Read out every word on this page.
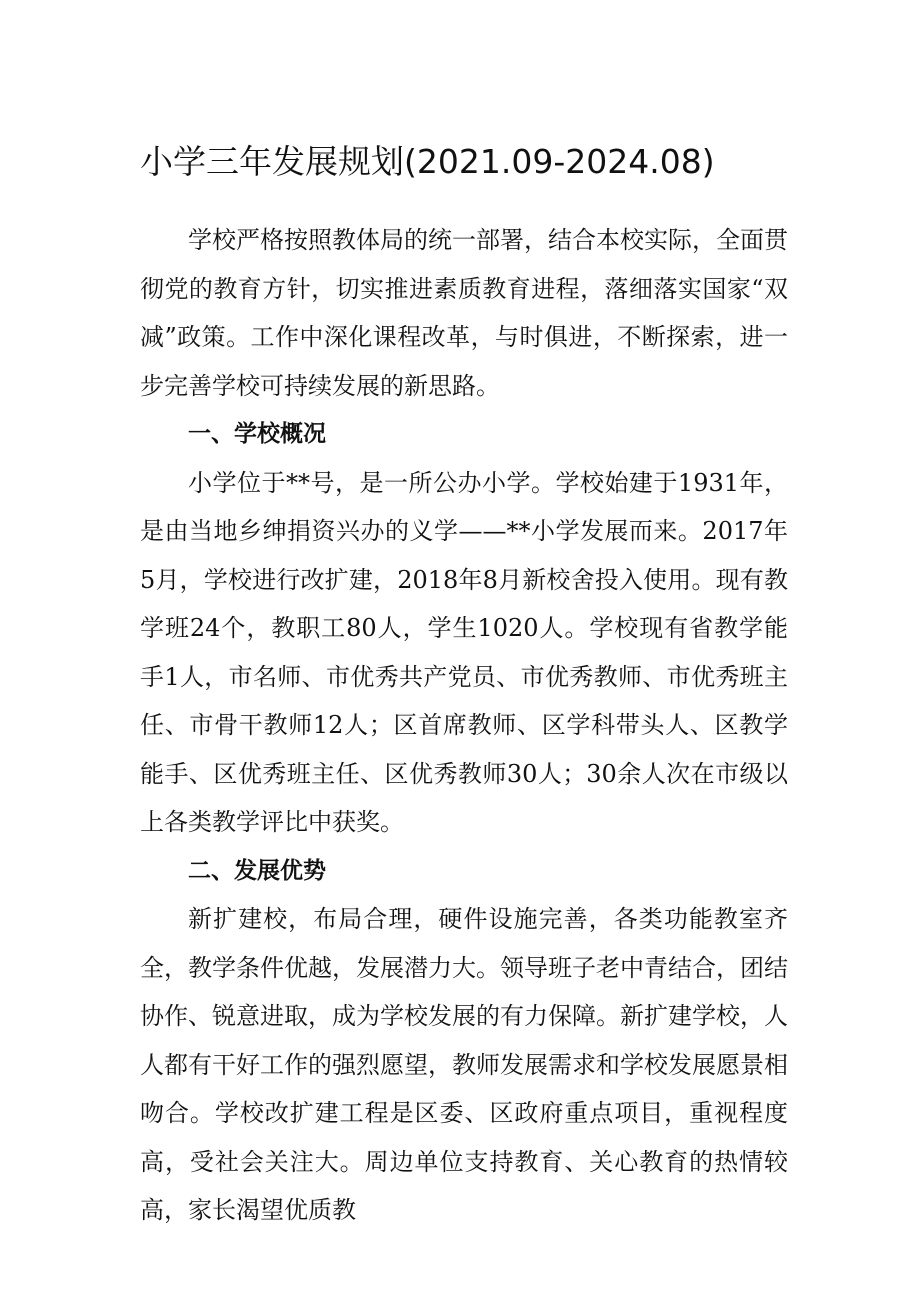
小学三年发展规划(2021.09-2024.08)

学校严格按照教体局的统一部署，结合本校实际，全面贯彻党的教育方针，切实推进素质教育进程，落细落实国家“双减”政策。工作中深化课程改革，与时俱进，不断探索，进一步完善学校可持续发展的新思路。

一、学校概况

小学位于**号，是一所公办小学。学校始建于1931年，是由当地乡绅捐资兴办的义学——**小学发展而来。2017年5月，学校进行改扩建，2018年8月新校舍投入使用。现有教学班24个，教职工80人，学生1020人。学校现有省教学能手1人，市名师、市优秀共产党员、市优秀教师、市优秀班主任、市骨干教师12人；区首席教师、区学科带头人、区教学能手、区优秀班主任、区优秀教师30人；30余人次在市级以上各类教学评比中获奖。

二、发展优势

新扩建校，布局合理，硬件设施完善，各类功能教室齐全，教学条件优越，发展潜力大。领导班子老中青结合，团结协作、锐意进取，成为学校发展的有力保障。新扩建学校，人人都有干好工作的强烈愿望，教师发展需求和学校发展愿景相吻合。学校改扩建工程是区委、区政府重点项目，重视程度高，受社会关注大。周边单位支持教育、关心教育的热情较高，家长渴望优质教
